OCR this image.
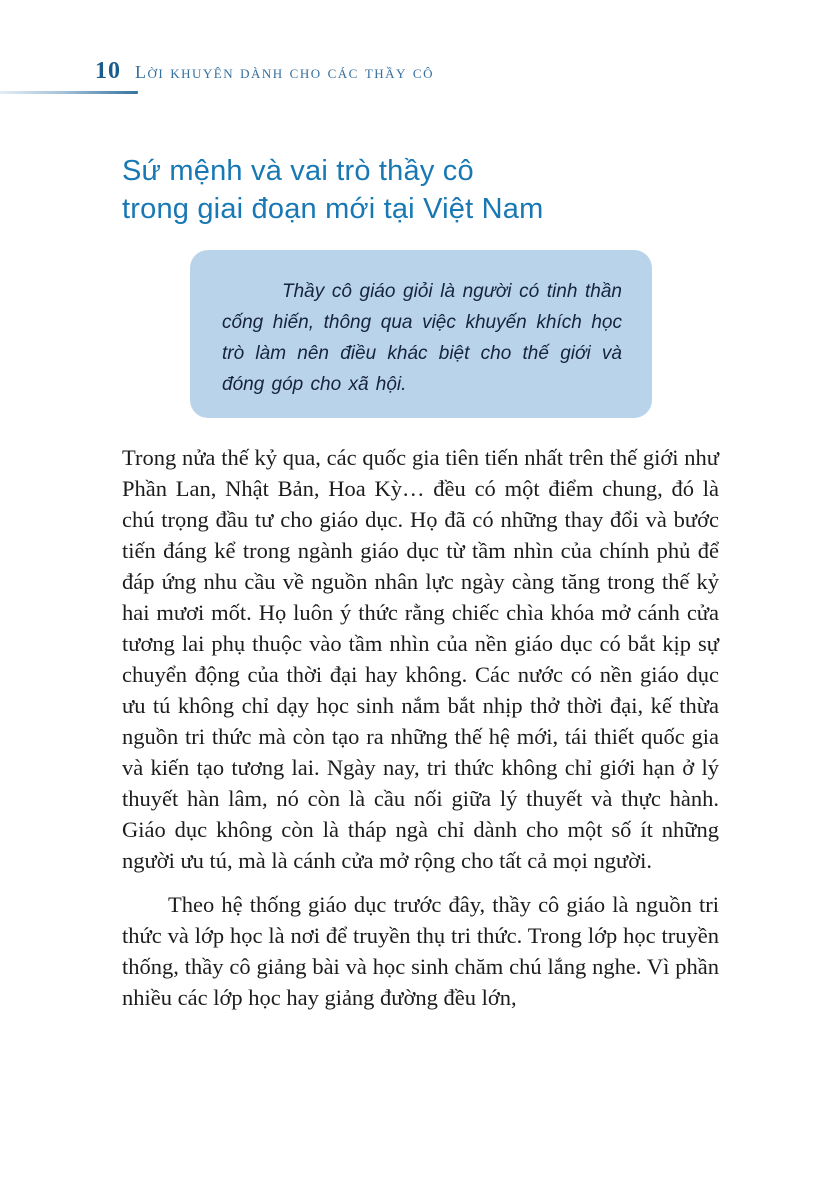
10 Lời khuyên dành cho các thầy cô
Sứ mệnh và vai trò thầy cô
trong giai đoạn mới tại Việt Nam

Thầy cô giáo giỏi là người có tinh thần cống hiến, thông qua việc khuyến khích học trò làm nên điều khác biệt cho thế giới và đóng góp cho xã hội.

Trong nửa thế kỷ qua, các quốc gia tiên tiến nhất trên thế giới như Phần Lan, Nhật Bản, Hoa Kỳ… đều có một điểm chung, đó là chú trọng đầu tư cho giáo dục. Họ đã có những thay đổi và bước tiến đáng kể trong ngành giáo dục từ tầm nhìn của chính phủ để đáp ứng nhu cầu về nguồn nhân lực ngày càng tăng trong thế kỷ hai mươi mốt. Họ luôn ý thức rằng chiếc chìa khóa mở cánh cửa tương lai phụ thuộc vào tầm nhìn của nền giáo dục có bắt kịp sự chuyển động của thời đại hay không. Các nước có nền giáo dục ưu tú không chỉ dạy học sinh nắm bắt nhịp thở thời đại, kế thừa nguồn tri thức mà còn tạo ra những thế hệ mới, tái thiết quốc gia và kiến tạo tương lai. Ngày nay, tri thức không chỉ giới hạn ở lý thuyết hàn lâm, nó còn là cầu nối giữa lý thuyết và thực hành. Giáo dục không còn là tháp ngà chỉ dành cho một số ít những người ưu tú, mà là cánh cửa mở rộng cho tất cả mọi người.

Theo hệ thống giáo dục trước đây, thầy cô giáo là nguồn tri thức và lớp học là nơi để truyền thụ tri thức. Trong lớp học truyền thống, thầy cô giảng bài và học sinh chăm chú lắng nghe. Vì phần nhiều các lớp học hay giảng đường đều lớn,
